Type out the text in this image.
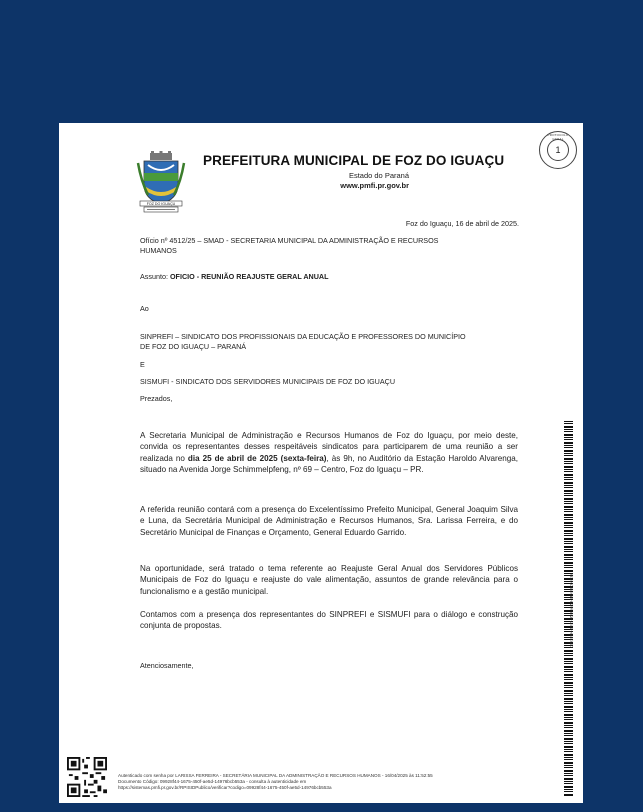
PROTOCOLO GERAL
1
FOZ DO IGUAÇU
PREFEITURA MUNICIPAL DE FOZ DO IGUAÇU
Estado do Paraná
www.pmfi.pr.gov.br
Foz do Iguaçu, 16 de abril de 2025.
Ofício nº 4512/25 – SMAD - SECRETARIA MUNICIPAL DA ADMINISTRAÇÃO E RECURSOS
HUMANOS
Assunto: OFICIO - REUNIÃO REAJUSTE GERAL ANUAL
Ao
SINPREFI – SINDICATO DOS PROFISSIONAIS DA EDUCAÇÃO E PROFESSORES DO MUNICÍPIO
DE FOZ DO IGUAÇU – PARANÁ
E
SISMUFI - SINDICATO DOS SERVIDORES MUNICIPAIS DE FOZ DO IGUAÇU
Prezados,
A Secretaria Municipal de Administração e Recursos Humanos de Foz do Iguaçu, por meio deste, convida os representantes desses respeitáveis sindicatos para participarem de uma reunião a ser realizada no dia 25 de abril de 2025 (sexta-feira), às 9h, no Auditório da Estação Haroldo Alvarenga, situado na Avenida Jorge Schimmelpfeng, nº 69 – Centro, Foz do Iguaçu – PR.
A referida reunião contará com a presença do Excelentíssimo Prefeito Municipal, General Joaquim Silva e Luna, da Secretária Municipal de Administração e Recursos Humanos, Sra. Larissa Ferreira, e do Secretário Municipal de Finanças e Orçamento, General Eduardo Garrido.
Na oportunidade, será tratado o tema referente ao Reajuste Geral Anual dos Servidores Públicos Municipais de Foz do Iguaçu e reajuste do vale alimentação, assuntos de grande relevância para o funcionalismo e a gestão municipal.
Contamos com a presença dos representantes do SINPREFI e SISMUFI para o diálogo e construção conjunta de propostas.
Atenciosamente,
09928f44-1675-450f-ae5d-14976bcb553a
Autenticado com senha por LARISSA FERREIRA - SECRETÁRIA MUNICIPAL DA ADMINISTRAÇÃO E RECURSOS HUMANOS - 16/04/2025 às 11:52:55
Documento Código: 09928f44-1675-450f-ae5d-14976bcb553a - consulta à autenticidade em
https://sistemas.pmfi.pr.gov.br/RPISIDPublico/verificar?codigo=09928f44-1675-450f-ae5d-14976bcb553a
